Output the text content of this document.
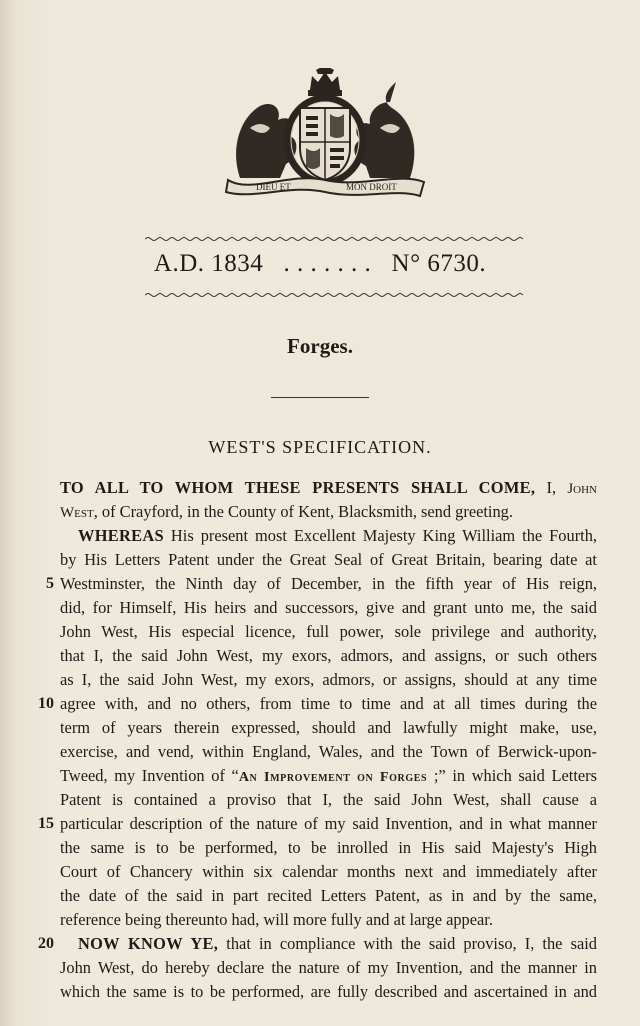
DIEU ET	MON DROIT
A.D. 1834 . . . . . . . N° 6730.
Forges.
WEST'S SPECIFICATION.
TO ALL TO WHOM THESE PRESENTS SHALL COME, I, John
West, of Crayford, in the County of Kent, Blacksmith, send greeting.
WHEREAS His present most Excellent Majesty King William the Fourth,
by His Letters Patent under the Great Seal of Great Britain, bearing date at
Westminster, the Ninth day of December, in the fifth year of His reign,
did, for Himself, His heirs and successors, give and grant unto me, the said
John West, His especial licence, full power, sole privilege and authority,
that I, the said John West, my exors, admors, and assigns, or such others
as I, the said John West, my exors, admors, or assigns, should at any time
agree with, and no others, from time to time and at all times during the
term of years therein expressed, should and lawfully might make, use,
exercise, and vend, within England, Wales, and the Town of Berwick-upon-
Tweed, my Invention of “An Improvement on Forges ;” in which said Letters
Patent is contained a proviso that I, the said John West, shall cause a
particular description of the nature of my said Invention, and in what manner
the same is to be performed, to be inrolled in His said Majesty's High
Court of Chancery within six calendar months next and immediately after
the date of the said in part recited Letters Patent, as in and by the same,
reference being thereunto had, will more fully and at large appear.
NOW KNOW YE, that in compliance with the said proviso, I, the said
John West, do hereby declare the nature of my Invention, and the manner in
which the same is to be performed, are fully described and ascertained in and
5
10
15
20
